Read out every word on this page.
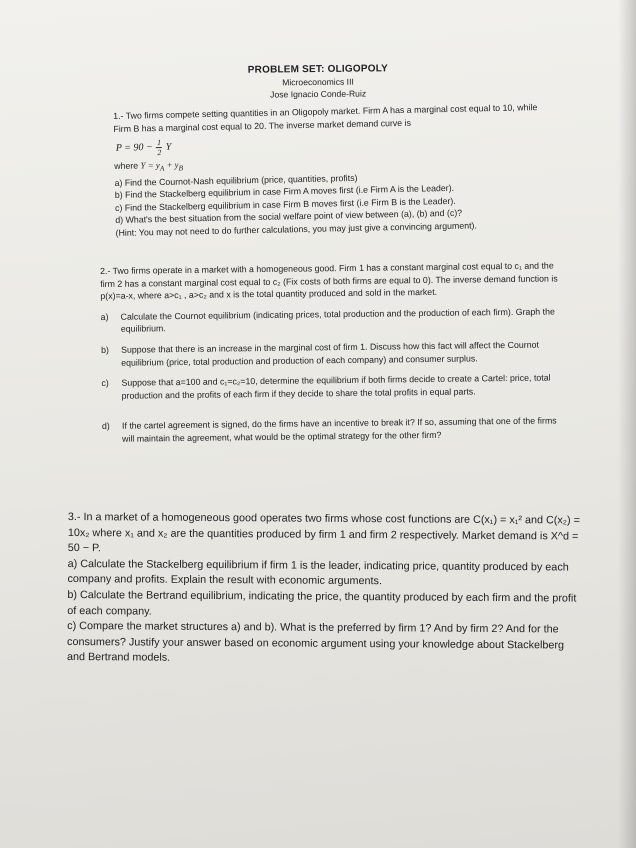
PROBLEM SET: OLIGOPOLY
Microeconomics III
Jose Ignacio Conde-Ruiz
1.- Two firms compete setting quantities in an Oligopoly market. Firm A has a marginal cost equal to 10, while Firm B has a marginal cost equal to 20. The inverse market demand curve is
$P = 90 - \frac{1}{2}$ Y
where $Y = y_A + y_B$
a) Find the Cournot-Nash equilibrium (price, quantities, profits)
b) Find the Stackelberg equilibrium in case Firm A moves first (i.e Firm A is the Leader).
c) Find the Stackelberg equilibrium in case Firm B moves first (i.e Firm B is the Leader).
d) What's the best situation from the social welfare point of view between (a), (b) and (c)?
(Hint: You may not need to do further calculations, you may just give a convincing argument).
2.- Two firms operate in a market with a homogeneous good. Firm 1 has a constant marginal cost equal to c₁ and the firm 2 has a constant marginal cost equal to c₂ (Fix costs of both firms are equal to 0). The inverse demand function is p(x)=a-x, where a>c₁ , a>c₂ and x is the total quantity produced and sold in the market.
a)	Calculate the Cournot equilibrium (indicating prices, total production and the production of each firm). Graph the equilibrium.
b)	Suppose that there is an increase in the marginal cost of firm 1. Discuss how this fact will affect the Cournot equilibrium (price, total production and production of each company) and consumer surplus.
c)	Suppose that a=100 and c₁=c₂=10, determine the equilibrium if both firms decide to create a Cartel: price, total production and the profits of each firm if they decide to share the total profits in equal parts.
d)	If the cartel agreement is signed, do the firms have an incentive to break it? If so, assuming that one of the firms will maintain the agreement, what would be the optimal strategy for the other firm?
3.- In a market of a homogeneous good operates two firms whose cost functions are C(x₁) = x₁² and C(x₂) = 10x₂ where x₁ and x₂ are the quantities produced by firm 1 and firm 2 respectively. Market demand is X^d = 50 − P.
a) Calculate the Stackelberg equilibrium if firm 1 is the leader, indicating price, quantity produced by each company and profits. Explain the result with economic arguments.
b) Calculate the Bertrand equilibrium, indicating the price, the quantity produced by each firm and the profit of each company.
c) Compare the market structures a) and b). What is the preferred by firm 1? And by firm 2? And for the consumers? Justify your answer based on economic argument using your knowledge about Stackelberg and Bertrand models.
